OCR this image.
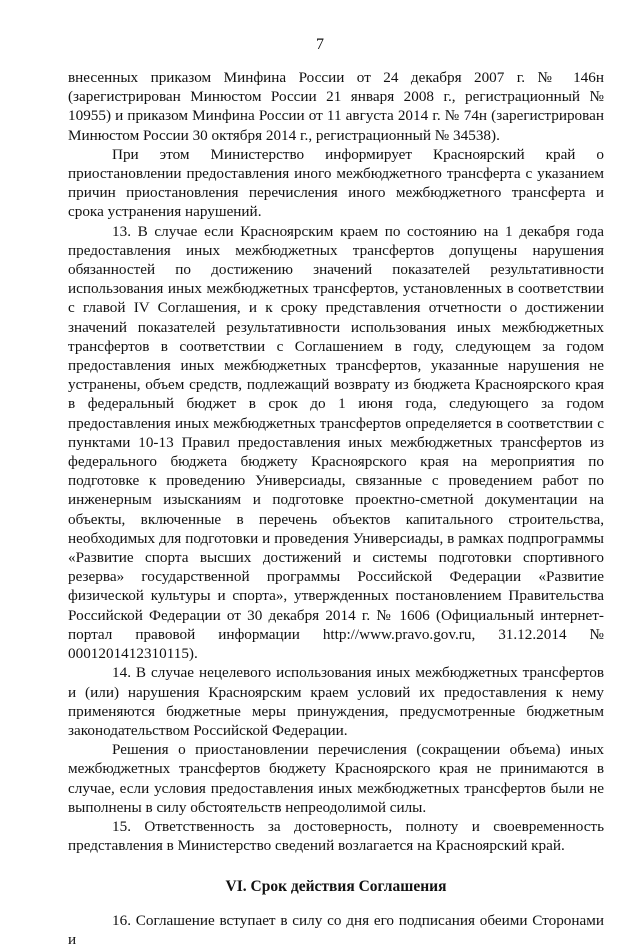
7

внесенных приказом Минфина России от 24 декабря 2007 г. № 146н (зарегистрирован Минюстом России 21 января 2008 г., регистрационный № 10955) и приказом Минфина России от 11 августа 2014 г. № 74н (зарегистрирован Минюстом России 30 октября 2014 г., регистрационный № 34538).

При этом Министерство информирует Красноярский край о приостановлении предоставления иного межбюджетного трансферта с указанием причин приостановления перечисления иного межбюджетного трансферта и срока устранения нарушений.

13. В случае если Красноярским краем по состоянию на 1 декабря года предоставления иных межбюджетных трансфертов допущены нарушения обязанностей по достижению значений показателей результативности использования иных межбюджетных трансфертов, установленных в соответствии с главой IV Соглашения, и к сроку представления отчетности о достижении значений показателей результативности использования иных межбюджетных трансфертов в соответствии с Соглашением в году, следующем за годом предоставления иных межбюджетных трансфертов, указанные нарушения не устранены, объем средств, подлежащий возврату из бюджета Красноярского края в федеральный бюджет в срок до 1 июня года, следующего за годом предоставления иных межбюджетных трансфертов определяется в соответствии с пунктами 10-13 Правил предоставления иных межбюджетных трансфертов из федерального бюджета бюджету Красноярского края на мероприятия по подготовке к проведению Универсиады, связанные с проведением работ по инженерным изысканиям и подготовке проектно-сметной документации на объекты, включенные в перечень объектов капитального строительства, необходимых для подготовки и проведения Универсиады, в рамках подпрограммы «Развитие спорта высших достижений и системы подготовки спортивного резерва» государственной программы Российской Федерации «Развитие физической культуры и спорта», утвержденных постановлением Правительства Российской Федерации от 30 декабря 2014 г. № 1606 (Официальный интернет-портал правовой информации http://www.pravo.gov.ru, 31.12.2014 № 0001201412310115).

14. В случае нецелевого использования иных межбюджетных трансфертов и (или) нарушения Красноярским краем условий их предоставления к нему применяются бюджетные меры принуждения, предусмотренные бюджетным законодательством Российской Федерации.

Решения о приостановлении перечисления (сокращении объема) иных межбюджетных трансфертов бюджету Красноярского края не принимаются в случае, если условия предоставления иных межбюджетных трансфертов были не выполнены в силу обстоятельств непреодолимой силы.

15. Ответственность за достоверность, полноту и своевременность представления в Министерство сведений возлагается на Красноярский край.

VI. Срок действия Соглашения

16. Соглашение вступает в силу со дня его подписания обеими Сторонами и
